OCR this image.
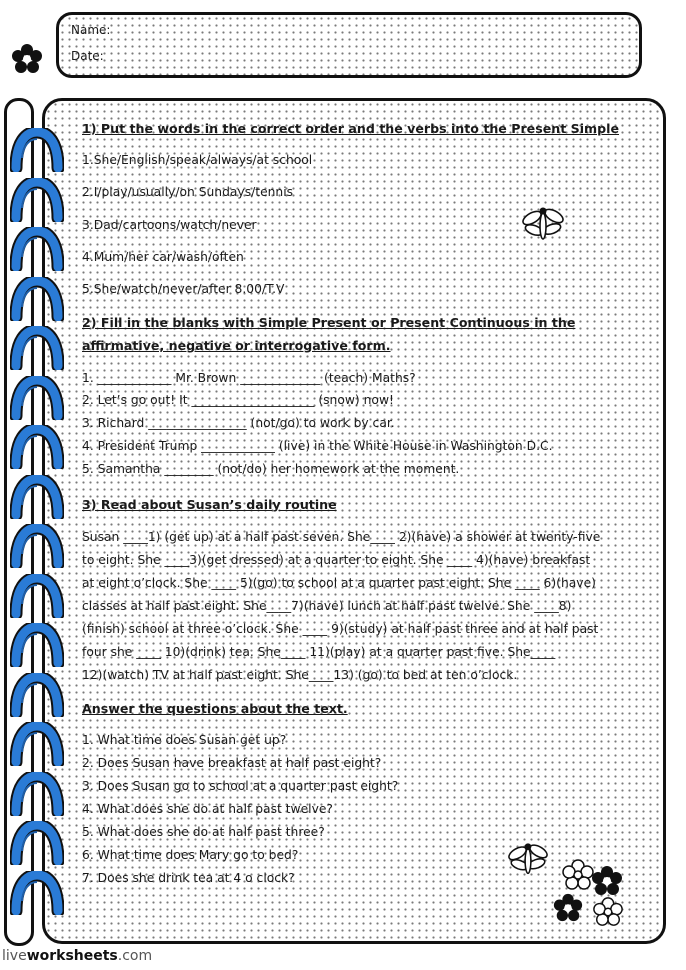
Name:
Date:
1) Put the words in the correct order and the verbs into the Present Simple
1.She/English/speak/always/at school
2.I/play/usually/on Sundays/tennis
3.Dad/cartoons/watch/never
4.Mum/her car/wash/often
5.She/watch/never/after 8.00/T.V
2) Fill in the blanks with Simple Present or Present Continuous in the
affirmative, negative or interrogative form.
1. ____________ Mr. Brown _____________ (teach) Maths?
2. Let’s go out! It ____________________ (snow) now!
3. Richard ________________ (not/go) to work by car.
4. President Trump ____________ (live) in the White House in Washington D.C.
5. Samantha ________ (not/do) her homework at the moment.
3) Read about Susan’s daily routine
Susan ____1) (get up) at a half past seven. She____ 2)(have) a shower at twenty-five
to eight. She ____3)(get dressed) at a quarter to eight. She ____ 4)(have) breakfast
at eight o’clock. She ____ 5)(go) to school at a quarter past eight. She ____ 6)(have)
classes at half past eight. She____7)(have) lunch at half past twelve. She ____8)
(finish) school at three o’clock. She ____ 9)(study) at half past three and at half past
four she ____ 10)(drink) tea. She____ 11)(play) at a quarter past five. She____
12)(watch) TV at half past eight. She____13) (go) to bed at ten o’clock.
Answer the questions about the text.
1. What time does Susan get up?
2. Does Susan have breakfast at half past eight?
3. Does Susan go to school at a quarter past eight?
4. What does she do at half past twelve?
5. What does she do at half past three?
6. What time does Mary go to bed?
7. Does she drink tea at 4 o clock?
liveworksheets.com
